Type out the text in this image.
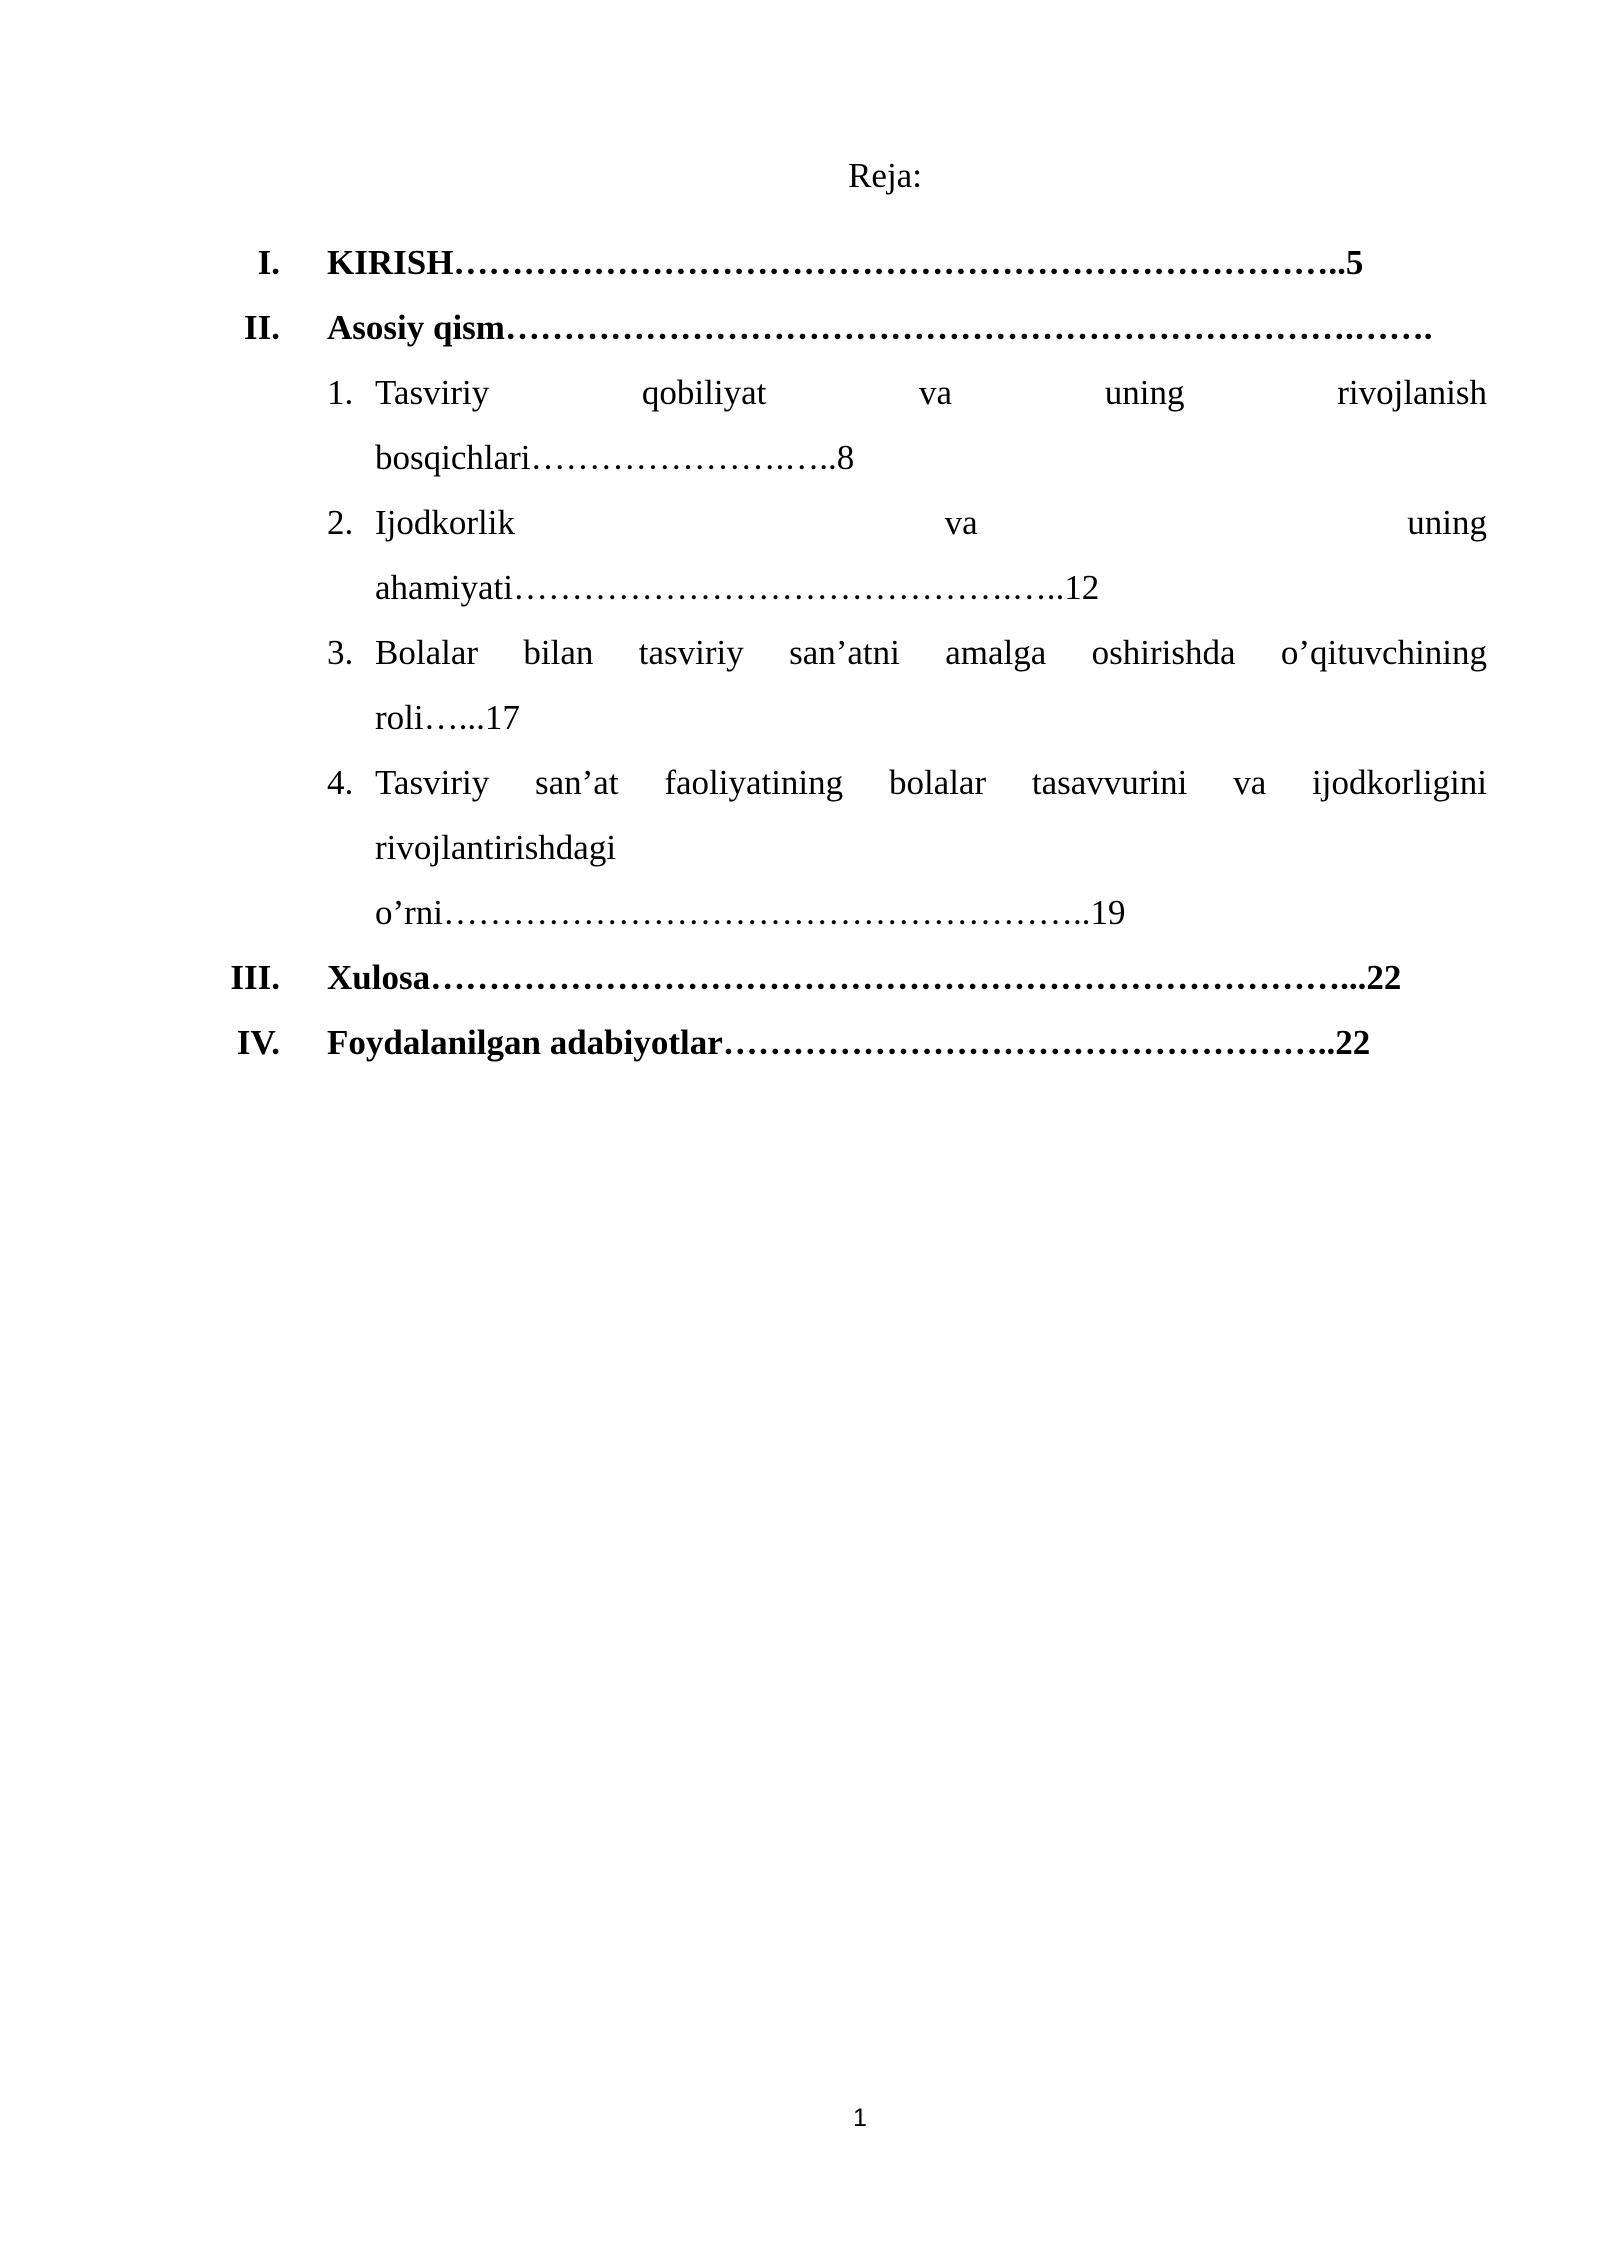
Reja:
I. KIRISH…………………………………………………………………..5
II. Asosiy qism……………………………………………………………….…….
1. Tasviriy	qobiliyat	va	uning	rivojlanish
bosqichlari………………….…..8
2. Ijodkorlik	va	uning
ahamiyati…………………………………….…..12
3. Bolalar bilan tasviriy san’atni amalga oshirishda o’qituvchining
roli…...17
4. Tasviriy san’at faoliyatining bolalar tasavvurini va ijodkorligini
rivojlantirishdagi
o’rni………………………………………………..19
III. Xulosa……………………………………………………………………...22
IV. Foydalanilgan adabiyotlar……………………………………………..22
1
